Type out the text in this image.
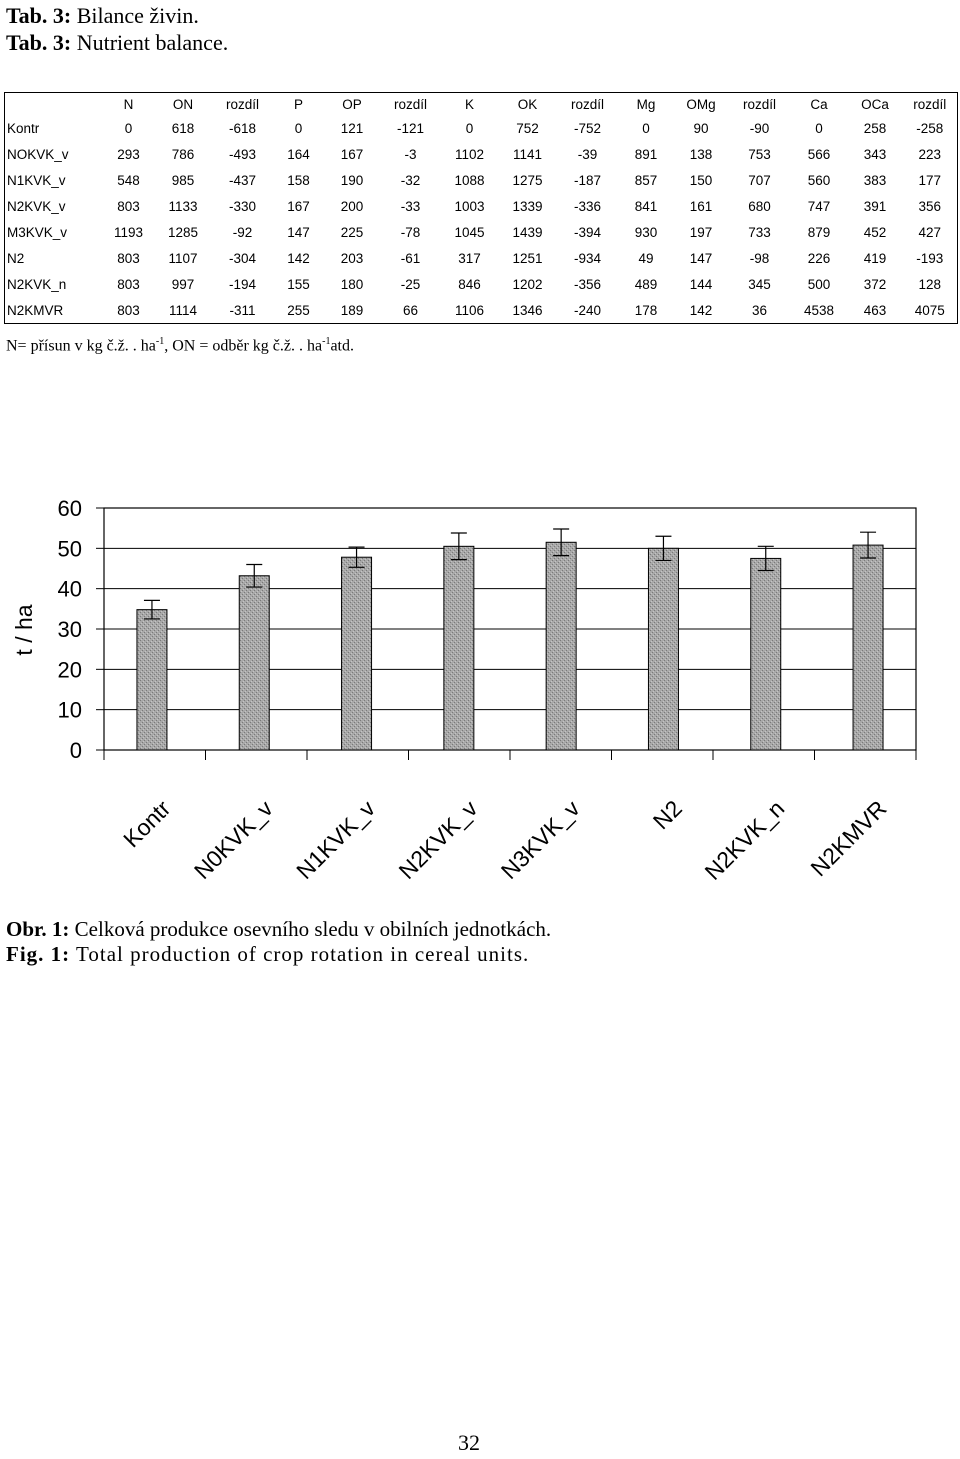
Tab. 3: Bilance živin.
Tab. 3: Nutrient balance.
	N	ON	rozdíl	P	OP	rozdíl	K	OK	rozdíl	Mg	OMg	rozdíl	Ca	OCa	rozdíl
Kontr	0	618	-618	0	121	-121	0	752	-752	0	90	-90	0	258	-258
NOKVK_v	293	786	-493	164	167	-3	1102	1141	-39	891	138	753	566	343	223
N1KVK_v	548	985	-437	158	190	-32	1088	1275	-187	857	150	707	560	383	177
N2KVK_v	803	1133	-330	167	200	-33	1003	1339	-336	841	161	680	747	391	356
M3KVK_v	1193	1285	-92	147	225	-78	1045	1439	-394	930	197	733	879	452	427
N2	803	1107	-304	142	203	-61	317	1251	-934	49	147	-98	226	419	-193
N2KVK_n	803	997	-194	155	180	-25	846	1202	-356	489	144	345	500	372	128
N2KMVR	803	1114	-311	255	189	66	1106	1346	-240	178	142	36	4538	463	4075
N= přísun v kg č.ž. . $ha^{-1}$, ON = odběr kg č.ž. . $ha^{-1}atd$.
60
50
40
30
20
10
0
Kontr N0KVK_v N1KVK_v N2KVK_v N3KVK_v	N2 N2KVK_n N2KMVR
t / ha
Obr. 1: Celková produkce osevního sledu v obilních jednotkách.
Fig. 1: Total production of crop rotation in cereal units.
32
